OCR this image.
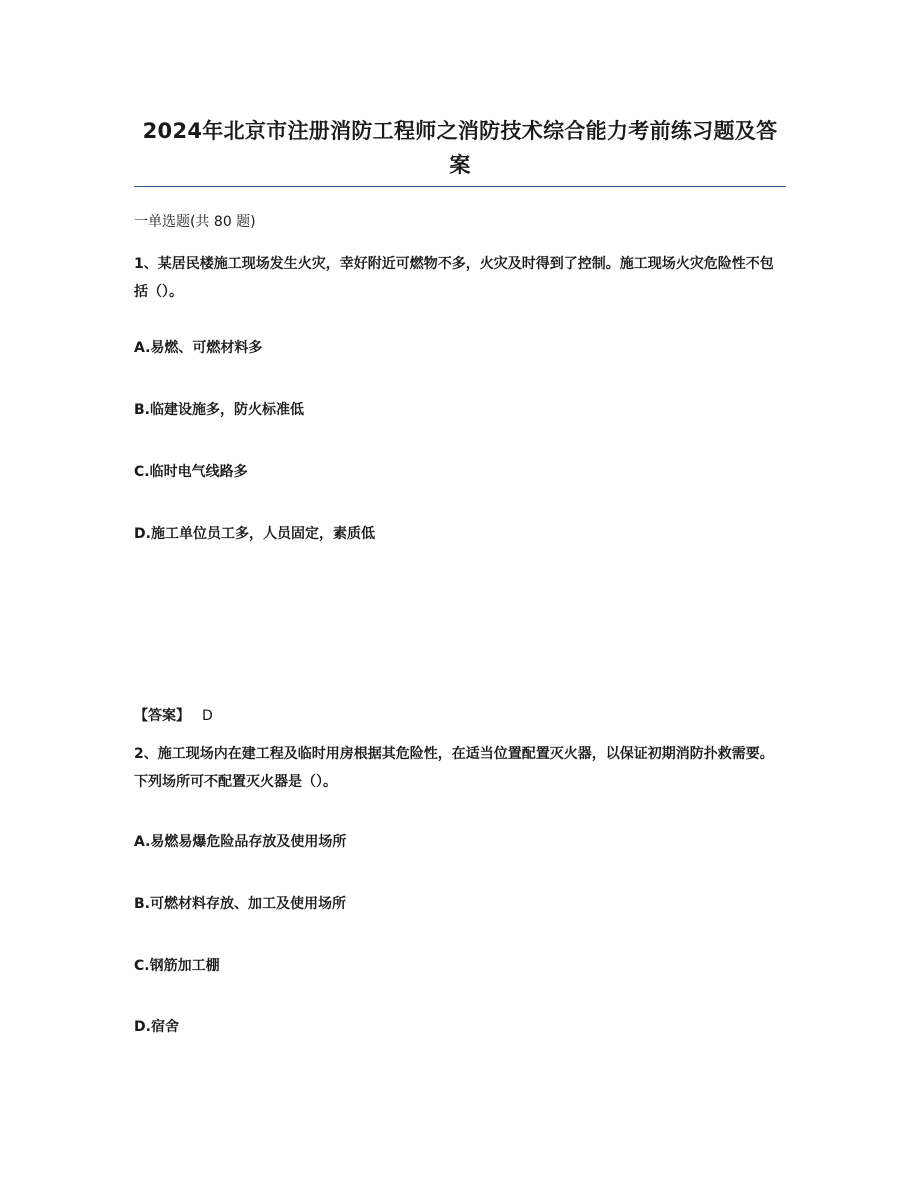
2024年北京市注册消防工程师之消防技术综合能力考前练习题及答案
一单选题(共 80 题)
1、某居民楼施工现场发生火灾，幸好附近可燃物不多，火灾及时得到了控制。施工现场火灾危险性不包括（）。
A.易燃、可燃材料多
B.临建设施多，防火标准低
C.临时电气线路多
D.施工单位员工多，人员固定，素质低
【答案】 D
2、施工现场内在建工程及临时用房根据其危险性，在适当位置配置灭火器，以保证初期消防扑救需要。下列场所可不配置灭火器是（）。
A.易燃易爆危险品存放及使用场所
B.可燃材料存放、加工及使用场所
C.钢筋加工棚
D.宿舍
